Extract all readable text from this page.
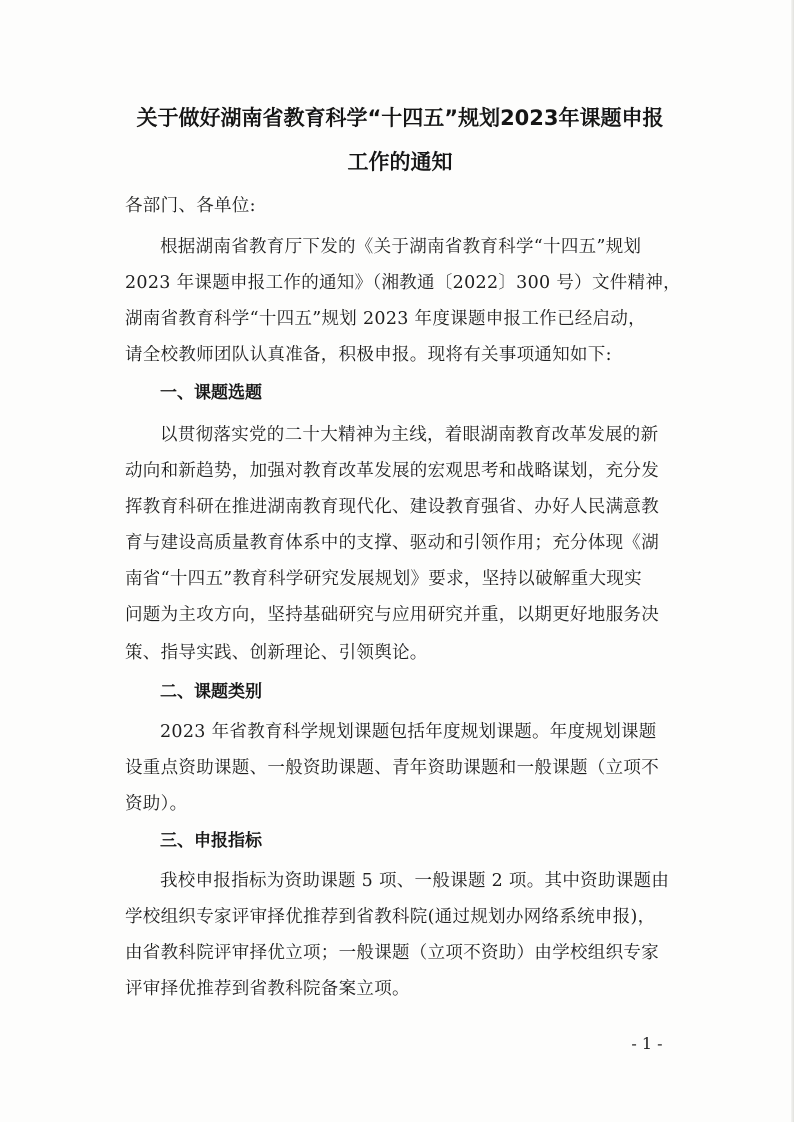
关于做好湖南省教育科学“十四五”规划2023年课题申报
工作的通知

各部门、各单位:

根据湖南省教育厅下发的《关于湖南省教育科学“十四五”规划

2023 年课题申报工作的通知》（湘教通〔2022〕300 号）文件精神，

湖南省教育科学“十四五”规划 2023 年度课题申报工作已经启动，

请全校教师团队认真准备，积极申报。现将有关事项通知如下:

一、课题选题

以贯彻落实党的二十大精神为主线，着眼湖南教育改革发展的新

动向和新趋势，加强对教育改革发展的宏观思考和战略谋划，充分发

挥教育科研在推进湖南教育现代化、建设教育强省、办好人民满意教

育与建设高质量教育体系中的支撑、驱动和引领作用；充分体现《湖

南省“十四五”教育科学研究发展规划》要求，坚持以破解重大现实

问题为主攻方向，坚持基础研究与应用研究并重，以期更好地服务决

策、指导实践、创新理论、引领舆论。

二、课题类别

2023 年省教育科学规划课题包括年度规划课题。年度规划课题

设重点资助课题、一般资助课题、青年资助课题和一般课题（立项不

资助）。

三、申报指标

我校申报指标为资助课题 5 项、一般课题 2 项。其中资助课题由

学校组织专家评审择优推荐到省教科院(通过规划办网络系统申报)，

由省教科院评审择优立项；一般课题（立项不资助）由学校组织专家

评审择优推荐到省教科院备案立项。

- 1 -
